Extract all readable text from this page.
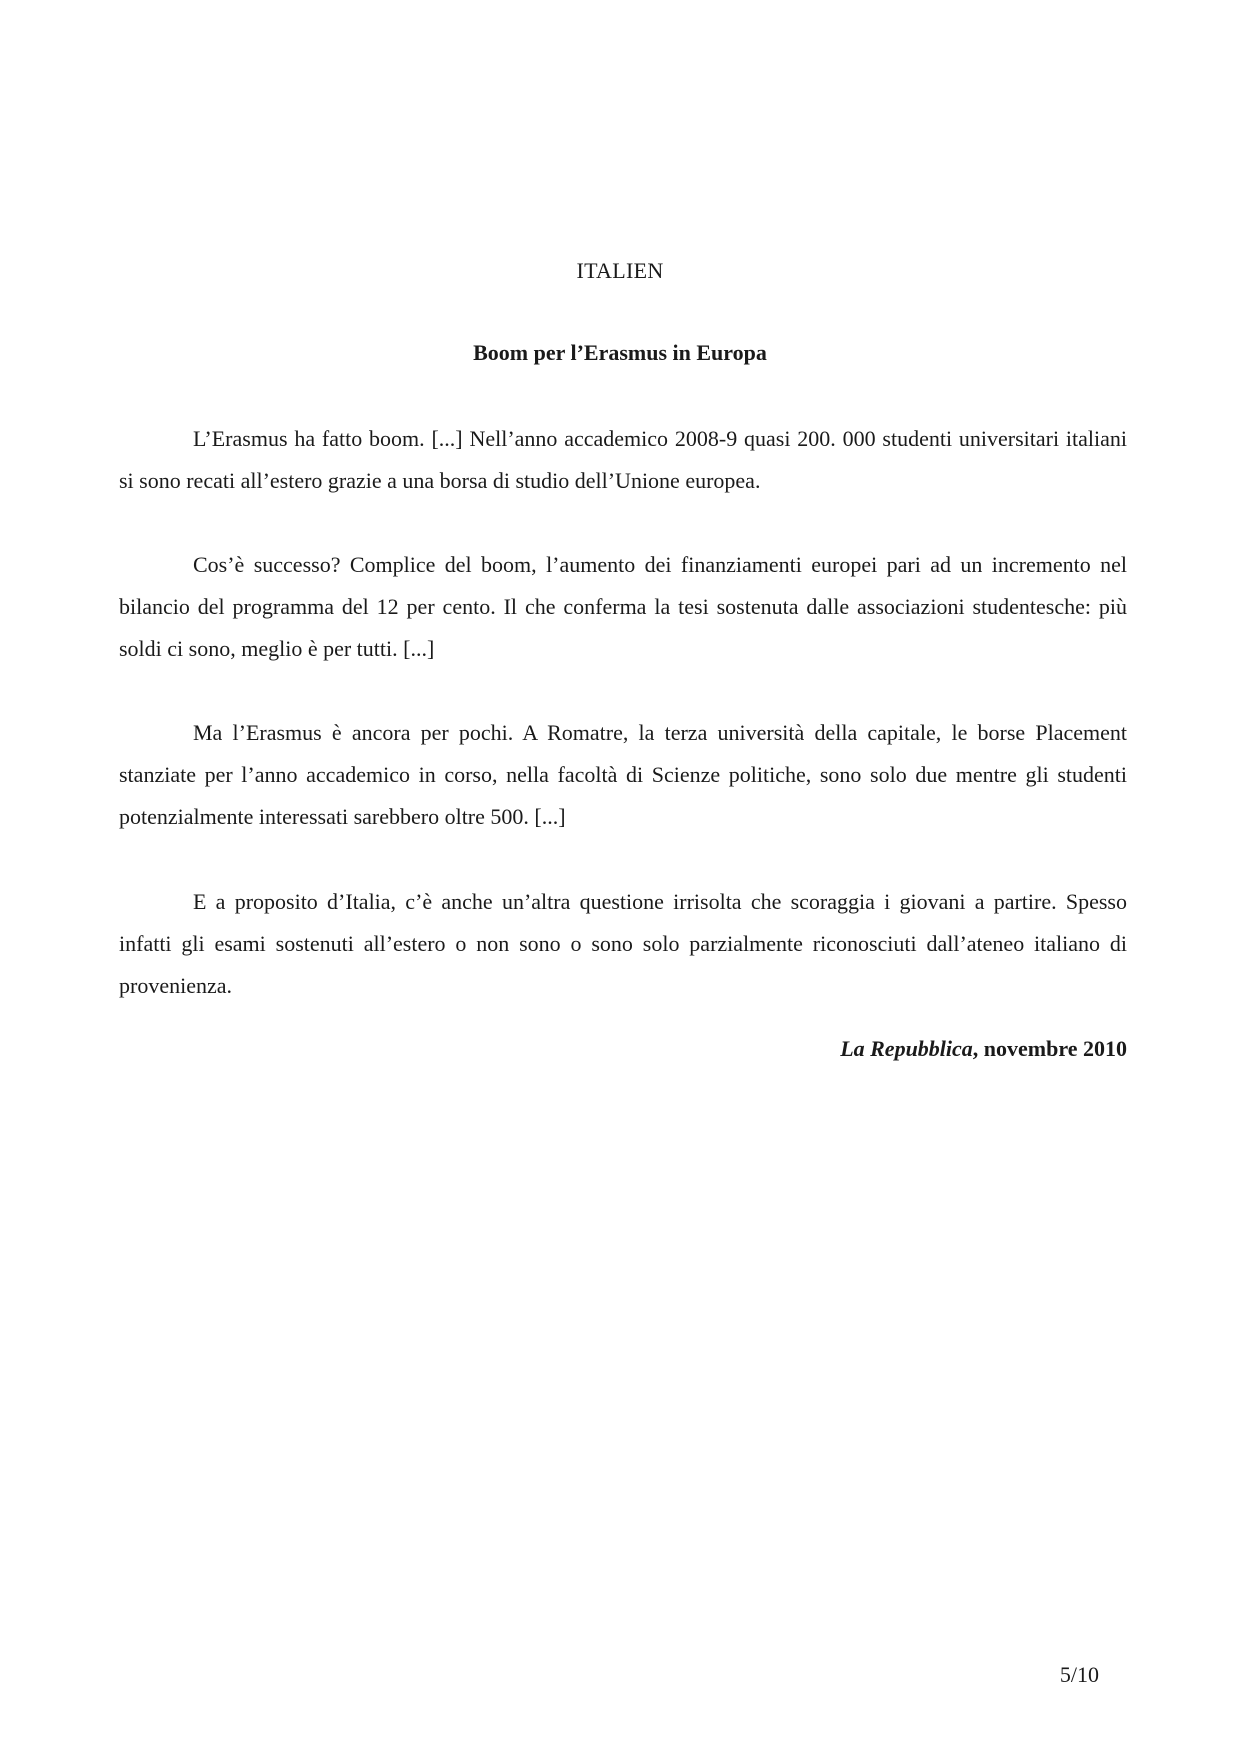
ITALIEN
Boom per l’Erasmus in Europa

L’Erasmus ha fatto boom. [...] Nell’anno accademico 2008-9 quasi 200. 000 studenti universitari italiani si sono recati all’estero grazie a una borsa di studio dell’Unione europea.

Cos’è successo? Complice del boom, l’aumento dei finanziamenti europei pari ad un incremento nel bilancio del programma del 12 per cento. Il che conferma la tesi sostenuta dalle associazioni studentesche: più soldi ci sono, meglio è per tutti. [...]

Ma l’Erasmus è ancora per pochi. A Romatre, la terza università della capitale, le borse Placement stanziate per l’anno accademico in corso, nella facoltà di Scienze politiche, sono solo due mentre gli studenti potenzialmente interessati sarebbero oltre 500. [...]

E a proposito d’Italia, c’è anche un’altra questione irrisolta che scoraggia i giovani a partire. Spesso infatti gli esami sostenuti all’estero o non sono o sono solo parzialmente riconosciuti dall’ateneo italiano di provenienza.

La Repubblica, novembre 2010
5/10
